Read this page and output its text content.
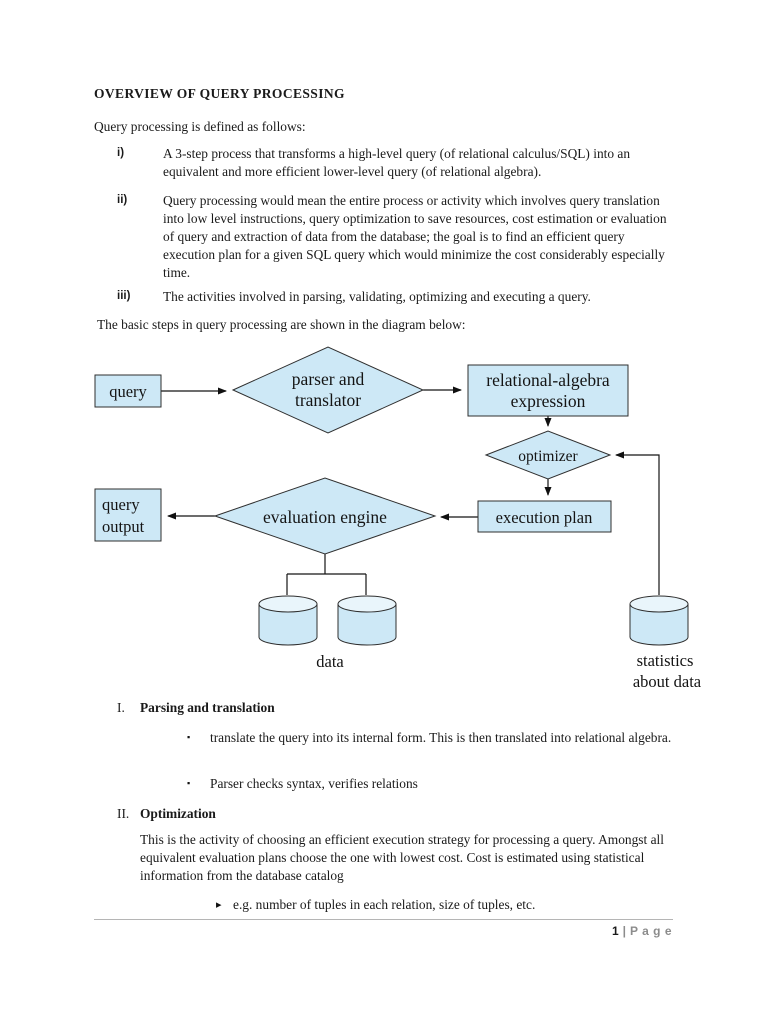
OVERVIEW OF QUERY PROCESSING

Query processing is defined as follows:

i)	A 3-step process that transforms a high-level query (of relational calculus/SQL) into an equivalent and more efficient lower-level query (of relational algebra).
ii)	Query processing would mean the entire process or activity which involves query translation into low level instructions, query optimization to save resources, cost estimation or evaluation of query and extraction of data from the database; the goal is to find an efficient query execution plan for a given SQL query which would minimize the cost considerably especially time.
iii)	The activities involved in parsing, validating, optimizing and executing a query.

The basic steps in query processing are shown in the diagram below:

query
parser and
translator
relational-algebra
expression
optimizer
execution plan
evaluation engine
query
output
data	statistics
about data
I.	Parsing and translation
▪	translate the query into its internal form. This is then translated into relational algebra.
▪	Parser checks syntax, verifies relations
II. Optimization

This is the activity of choosing an efficient execution strategy for processing a query. Amongst all equivalent evaluation plans choose the one with lowest cost. Cost is estimated using statistical information from the database catalog

▸ e.g. number of tuples in each relation, size of tuples, etc.
1 | P a g e
